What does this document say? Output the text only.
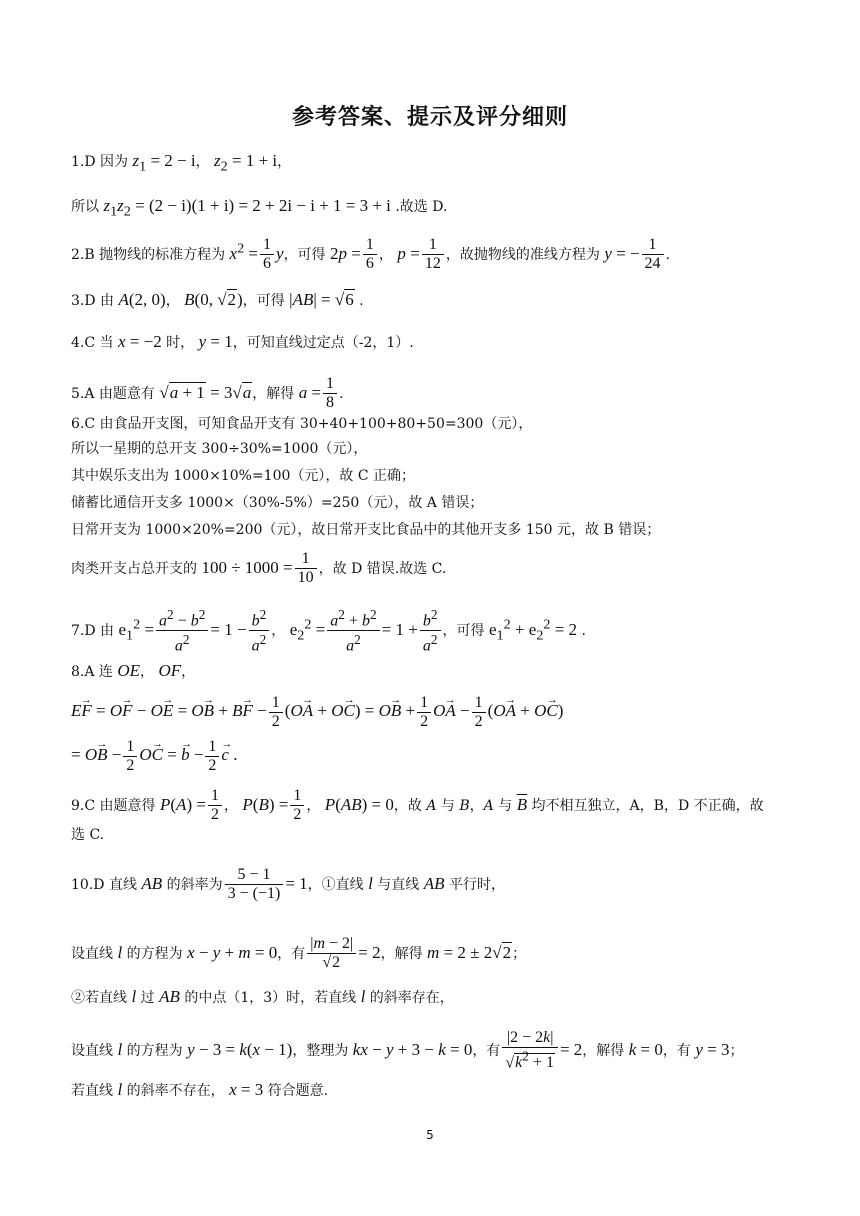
参考答案、提示及评分细则
1.D 因为 $z_1 = 2 - i$， $z_2 = 1 + i$，
所以 $z_1z_2 = (2 - i)(1 + i) = 2 + 2i - i + 1 = 3 + i$ .故选 D.
2.B 抛物线的标准方程为 $x^2 = \frac{1}{6}$ y，可得 $2p = \frac{1}{6}$ ， $p = \frac{1}{12}$ ，故抛物线的准线方程为 y = − $\frac{1}{24}$ .
3.D 由 A(2, 0)， B(0, √2)，可得 |AB| = √6 .
4.C 当 x = −2 时， y = 1，可知直线过定点（-2，1）.
5.A 由题意有 √a + 1 = 3√a，解得 $a = \frac{1}{8}$ .
6.C 由食品开支图，可知食品开支有 30+40+100+80+50=300（元），
所以一星期的总开支 300÷30%=1000（元），
其中娱乐支出为 1000×10%=100（元），故 C 正确；
储蓄比通信开支多 1000×（30%-5%）=250（元），故 A 错误；
日常开支为 1000×20%=200（元），故日常开支比食品中的其他开支多 150 元，故 B 错误；
肉类开支占总开支的 $100 \div 1000 = \frac{1}{10}$ ，故 D 错误.故选 C.
7.D 由 $e_1^2 = \frac{a^2 - b^2}{a^2} = 1 - \frac{b^2}{a^2}$ ， $e_2^2 = \frac{a^2 + b^2}{a^2} = 1 + \frac{b^2}{a^2}$ ，可得 $e_1^2 + e_2^2 = 2$ .
8.A 连 OE， OF，
→ EF = → OF − → OE = → OB + → BF − $\frac{1}{2}$ (→ OA + → OC) = → OB + $\frac{1}{2}$ → OA − $\frac{1}{2}$ (→ OA + → OC)
= → OB − $\frac{1}{2}$ → OC = → $b - \frac{1}{2} \to c$ .
9.C 由题意得 $P(A) = \frac{1}{2}$ ， $P(B) = \frac{1}{2}$ ， P(AB) = 0，故 A 与 B，A 与 $\overline{B}$ 均不相互独立，A，B，D 不正确，故
选 C.
10.D 直线 AB 的斜率为 $\frac{5 - 1}{3 - (-1)} = 1$，①直线 l 与直线 AB 平行时，
设直线 l 的方程为 x − y + m = 0，有 $\frac{|m - 2|}{√2} = 2$，解得 m = 2 ± 2√2；
②若直线 l 过 AB 的中点（1，3）时，若直线 l 的斜率存在，
设直线 l 的方程为 y − 3 = k(x − 1)，整理为 kx − y + 3 − k = 0，有 $\frac{|2 - 2k|}{√k^2 + 1} = 2$，解得 k = 0，有 y = 3；
若直线 l 的斜率不存在， x = 3 符合题意.
5
